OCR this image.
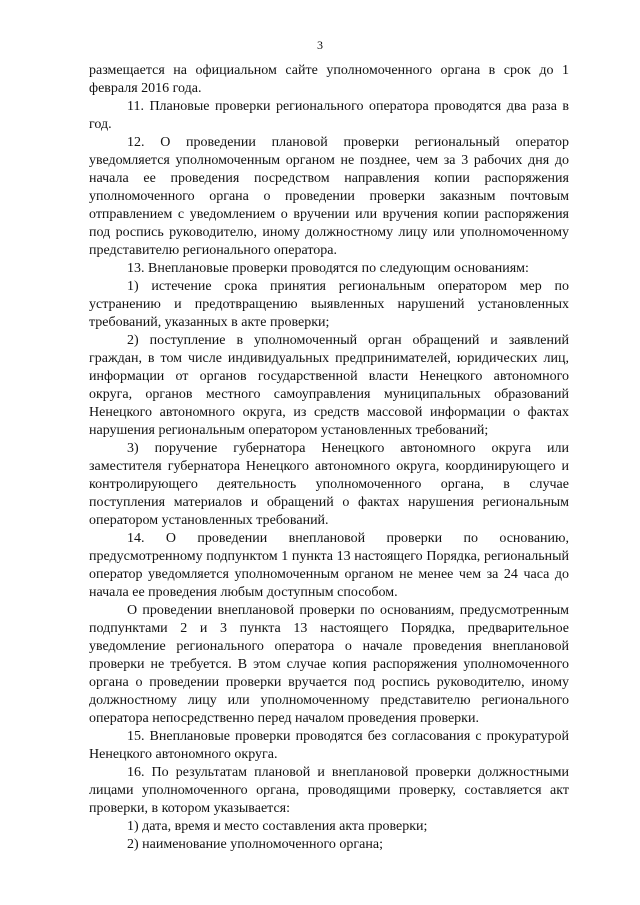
3

размещается на официальном сайте уполномоченного органа в срок до 1 февраля 2016 года.

11. Плановые проверки регионального оператора проводятся два раза в год.

12. О проведении плановой проверки региональный оператор уведомляется уполномоченным органом не позднее, чем за 3 рабочих дня до начала ее проведения посредством направления копии распоряжения уполномоченного органа о проведении проверки заказным почтовым отправлением с уведомлением о вручении или вручения копии распоряжения под роспись руководителю, иному должностному лицу или уполномоченному представителю регионального оператора.

13. Внеплановые проверки проводятся по следующим основаниям:

1) истечение срока принятия региональным оператором мер по устранению и предотвращению выявленных нарушений установленных требований, указанных в акте проверки;

2) поступление в уполномоченный орган обращений и заявлений граждан, в том числе индивидуальных предпринимателей, юридических лиц, информации от органов государственной власти Ненецкого автономного округа, органов местного самоуправления муниципальных образований Ненецкого автономного округа, из средств массовой информации о фактах нарушения региональным оператором установленных требований;

3) поручение губернатора Ненецкого автономного округа или заместителя губернатора Ненецкого автономного округа, координирующего и контролирующего деятельность уполномоченного органа, в случае поступления материалов и обращений о фактах нарушения региональным оператором установленных требований.

14. О проведении внеплановой проверки по основанию, предусмотренному подпунктом 1 пункта 13 настоящего Порядка, региональный оператор уведомляется уполномоченным органом не менее чем за 24 часа до начала ее проведения любым доступным способом.

О проведении внеплановой проверки по основаниям, предусмотренным подпунктами 2 и 3 пункта 13 настоящего Порядка, предварительное уведомление регионального оператора о начале проведения внеплановой проверки не требуется. В этом случае копия распоряжения уполномоченного органа о проведении проверки вручается под роспись руководителю, иному должностному лицу или уполномоченному представителю регионального оператора непосредственно перед началом проведения проверки.

15. Внеплановые проверки проводятся без согласования с прокуратурой Ненецкого автономного округа.

16. По результатам плановой и внеплановой проверки должностными лицами уполномоченного органа, проводящими проверку, составляется акт проверки, в котором указывается:

1) дата, время и место составления акта проверки;

2) наименование уполномоченного органа;
